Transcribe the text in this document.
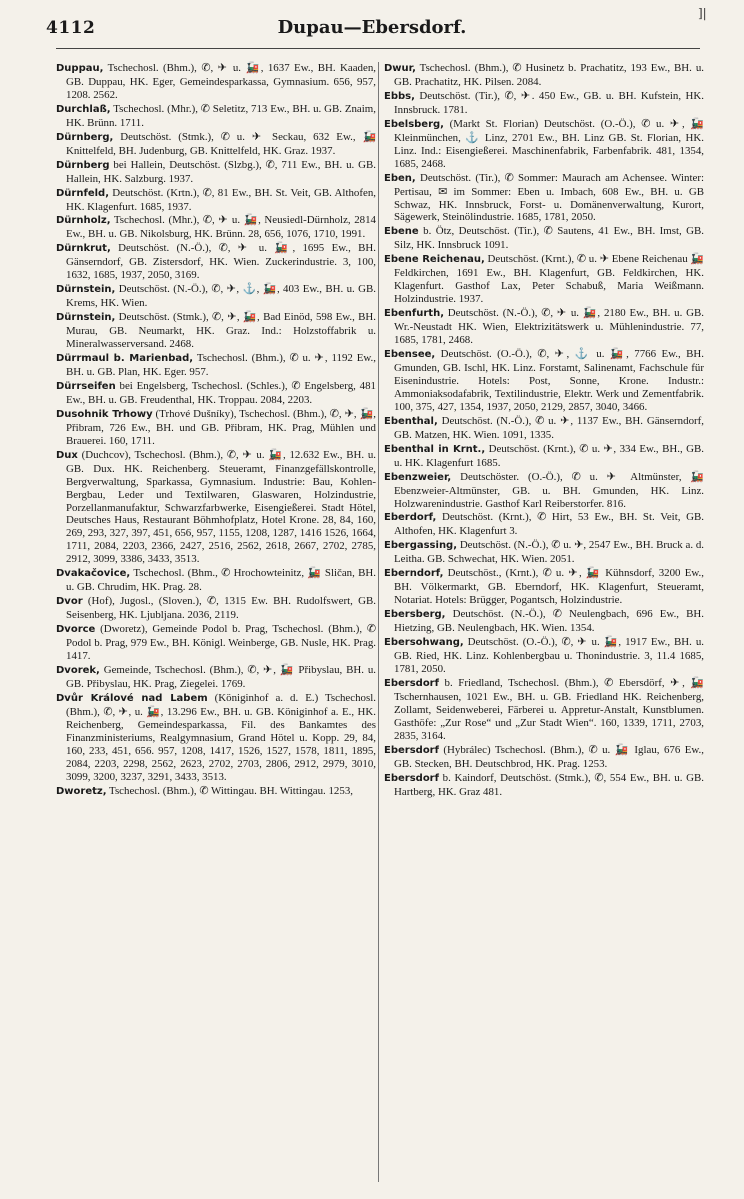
4112	Dupau—Ebersdorf.
]|

Duppau, Tschechosl. (Bhm.), ✆, ✈ u. 🚂, 1637 Ew., BH. Kaaden, GB. Duppau, HK. Eger, Gemeindesparkassa, Gymnasium. 656, 957, 1208. 2562.

Durchlaß, Tschechosl. (Mhr.), ✆ Seletitz, 713 Ew., BH. u. GB. Znaim, HK. Brünn. 1711.

Dürnberg, Deutschöst. (Stmk.), ✆ u. ✈ Seckau, 632 Ew., 🚂 Knittelfeld, BH. Judenburg, GB. Knittelfeld, HK. Graz. 1937.

Dürnberg bei Hallein, Deutschöst. (Slzbg.), ✆, 711 Ew., BH. u. GB. Hallein, HK. Salzburg. 1937.

Dürnfeld, Deutschöst. (Krtn.), ✆, 81 Ew., BH. St. Veit, GB. Althofen, HK. Klagenfurt. 1685, 1937.

Dürnholz, Tschechosl. (Mhr.), ✆, ✈ u. 🚂, Neusiedl-Dürnholz, 2814 Ew., BH. u. GB. Nikolsburg, HK. Brünn. 28, 656, 1076, 1710, 1991.

Dürnkrut, Deutschöst. (N.-Ö.), ✆, ✈ u. 🚂, 1695 Ew., BH. Gänserndorf, GB. Zistersdorf, HK. Wien. Zuckerindustrie. 3, 100, 1632, 1685, 1937, 2050, 3169.

Dürnstein, Deutschöst. (N.-Ö.), ✆, ✈, ⚓, 🚂, 403 Ew., BH. u. GB. Krems, HK. Wien.

Dürnstein, Deutschöst. (Stmk.), ✆, ✈, 🚂, Bad Einöd, 598 Ew., BH. Murau, GB. Neumarkt, HK. Graz. Ind.: Holzstoffabrik u. Mineralwasserversand. 2468.

Dürrmaul b. Marienbad, Tschechosl. (Bhm.), ✆ u. ✈, 1192 Ew., BH. u. GB. Plan, HK. Eger. 957.

Dürrseifen bei Engelsberg, Tschechosl. (Schles.), ✆ Engelsberg, 481 Ew., BH. u. GB. Freudenthal, HK. Troppau. 2084, 2203.

Dusohnik Trhowy (Trhové Dušníky), Tschechosl. (Bhm.), ✆, ✈, 🚂, Přibram, 726 Ew., BH. und GB. Přibram, HK. Prag, Mühlen und Brauerei. 160, 1711.

Dux (Duchcov), Tschechosl. (Bhm.), ✆, ✈ u. 🚂, 12.632 Ew., BH. u. GB. Dux. HK. Reichenberg. Steueramt, Finanzgefällskontrolle, Bergverwaltung, Sparkassa, Gymnasium. Industrie: Bau, Kohlen-Bergbau, Leder und Textilwaren, Glaswaren, Holzindustrie, Porzellanmanufaktur, Schwarzfarbwerke, Eisengießerei. Stadt Hötel, Deutsches Haus, Restaurant Böhmhofplatz, Hotel Krone. 28, 84, 160, 269, 293, 327, 397, 451, 656, 957, 1155, 1208, 1287, 1416 1526, 1664, 1711, 2084, 2203, 2366, 2427, 2516, 2562, 2618, 2667, 2702, 2785, 2912, 3099, 3386, 3433, 3513.

Dvakačovice, Tschechosl. (Bhm., ✆ Hrochowteinitz, 🚂 Sličan, BH. u. GB. Chrudim, HK. Prag. 28.

Dvor (Hof), Jugosl., (Sloven.), ✆, 1315 Ew. BH. Rudolfswert, GB. Seisenberg, HK. Ljubljana. 2036, 2119.

Dvorce (Dworetz), Gemeinde Podol b. Prag, Tschechosl. (Bhm.), ✆ Podol b. Prag, 979 Ew., BH. Königl. Weinberge, GB. Nusle, HK. Prag. 1417.

Dvorek, Gemeinde, Tschechosl. (Bhm.), ✆, ✈, 🚂 Přibyslau, BH. u. GB. Přibyslau, HK. Prag, Ziegelei. 1769.

Dvůr Králové nad Labem (Königinhof a. d. E.) Tschechosl. (Bhm.), ✆, ✈, u. 🚂, 13.296 Ew., BH. u. GB. Königinhof a. E., HK. Reichenberg, Gemeindesparkassa, Fil. des Bankamtes des Finanzministeriums, Realgymnasium, Grand Hötel u. Kopp. 29, 84, 160, 233, 451, 656. 957, 1208, 1417, 1526, 1527, 1578, 1811, 1895, 2084, 2203, 2298, 2562, 2623, 2702, 2703, 2806, 2912, 2979, 3010, 3099, 3200, 3237, 3291, 3433, 3513.

Dworetz, Tschechosl. (Bhm.), ✆ Wittingau. BH. Wittingau. 1253,

Dwur, Tschechosl. (Bhm.), ✆ Husinetz b. Prachatitz, 193 Ew., BH. u. GB. Prachatitz, HK. Pilsen. 2084.

Ebbs, Deutschöst. (Tir.), ✆, ✈. 450 Ew., GB. u. BH. Kufstein, HK. Innsbruck. 1781.

Ebelsberg, (Markt St. Florian) Deutschöst. (O.-Ö.), ✆ u. ✈, 🚂 Kleinmünchen, ⚓ Linz, 2701 Ew., BH. Linz GB. St. Florian, HK. Linz. Ind.: Eisengießerei. Maschinenfabrik, Farbenfabrik. 481, 1354, 1685, 2468.

Eben, Deutschöst. (Tir.), ✆ Sommer: Maurach am Achensee. Winter: Pertisau, ✉ im Sommer: Eben u. Imbach, 608 Ew., BH. u. GB Schwaz, HK. Innsbruck, Forst- u. Domänenverwaltung, Kurort, Sägewerk, Steinölindustrie. 1685, 1781, 2050.

Ebene b. Ötz, Deutschöst. (Tir.), ✆ Sautens, 41 Ew., BH. Imst, GB. Silz, HK. Innsbruck 1091.

Ebene Reichenau, Deutschöst. (Krnt.), ✆ u. ✈ Ebene Reichenau 🚂 Feldkirchen, 1691 Ew., BH. Klagenfurt, GB. Feldkirchen, HK. Klagenfurt. Gasthof Lax, Peter Schabuß, Maria Weißmann. Holzindustrie. 1937.

Ebenfurth, Deutschöst. (N.-Ö.), ✆, ✈ u. 🚂, 2180 Ew., BH. u. GB. Wr.-Neustadt HK. Wien, Elektrizitätswerk u. Mühlenindustrie. 77, 1685, 1781, 2468.

Ebensee, Deutschöst. (O.-Ö.), ✆, ✈, ⚓ u. 🚂, 7766 Ew., BH. Gmunden, GB. Ischl, HK. Linz. Forstamt, Salinenamt, Fachschule für Eisenindustrie. Hotels: Post, Sonne, Krone. Industr.: Ammoniaksodafabrik, Textilindustrie, Elektr. Werk und Zementfabrik. 100, 375, 427, 1354, 1937, 2050, 2129, 2857, 3040, 3466.

Ebenthal, Deutschöst. (N.-Ö.), ✆ u. ✈, 1137 Ew., BH. Gänserndorf, GB. Matzen, HK. Wien. 1091, 1335.

Ebenthal in Krnt., Deutschöst. (Krnt.), ✆ u. ✈, 334 Ew., BH., GB. u. HK. Klagenfurt 1685.

Ebenzweier, Deutschöster. (O.-Ö.), ✆ u. ✈ Altmünster, 🚂 Ebenzweier-Altmünster, GB. u. BH. Gmunden, HK. Linz. Holzwarenindustrie. Gasthof Karl Reiberstorfer. 816.

Eberdorf, Deutschöst. (Krnt.), ✆ Hirt, 53 Ew., BH. St. Veit, GB. Althofen, HK. Klagenfurt 3.

Ebergassing, Deutschöst. (N.-Ö.), ✆ u. ✈, 2547 Ew., BH. Bruck a. d. Leitha. GB. Schwechat, HK. Wien. 2051.

Eberndorf, Deutschöst., (Krnt.), ✆ u. ✈, 🚂 Kühnsdorf, 3200 Ew., BH. Völkermarkt, GB. Eberndorf, HK. Klagenfurt, Steueramt, Notariat. Hotels: Brügger, Pogantsch, Holzindustrie.

Ebersberg, Deutschöst. (N.-Ö.), ✆ Neulengbach, 696 Ew., BH. Hietzing, GB. Neulengbach, HK. Wien. 1354.

Ebersohwang, Deutschöst. (O.-Ö.), ✆, ✈ u. 🚂, 1917 Ew., BH. u. GB. Ried, HK. Linz. Kohlenbergbau u. Thonindustrie. 3, 11.4 1685, 1781, 2050.

Ebersdorf b. Friedland, Tschechosl. (Bhm.), ✆ Ebersdörf, ✈, 🚂 Tschernhausen, 1021 Ew., BH. u. GB. Friedland HK. Reichenberg, Zollamt, Seidenweberei, Färberei u. Appretur-Anstalt, Kunstblumen. Gasthöfe: „Zur Rose“ und „Zur Stadt Wien“. 160, 1339, 1711, 2703, 2835, 3164.

Ebersdorf (Hybrálec) Tschechosl. (Bhm.), ✆ u. 🚂 Iglau, 676 Ew., GB. Stecken, BH. Deutschbrod, HK. Prag. 1253.

Ebersdorf b. Kaindorf, Deutschöst. (Stmk.), ✆, 554 Ew., BH. u. GB. Hartberg, HK. Graz 481.
